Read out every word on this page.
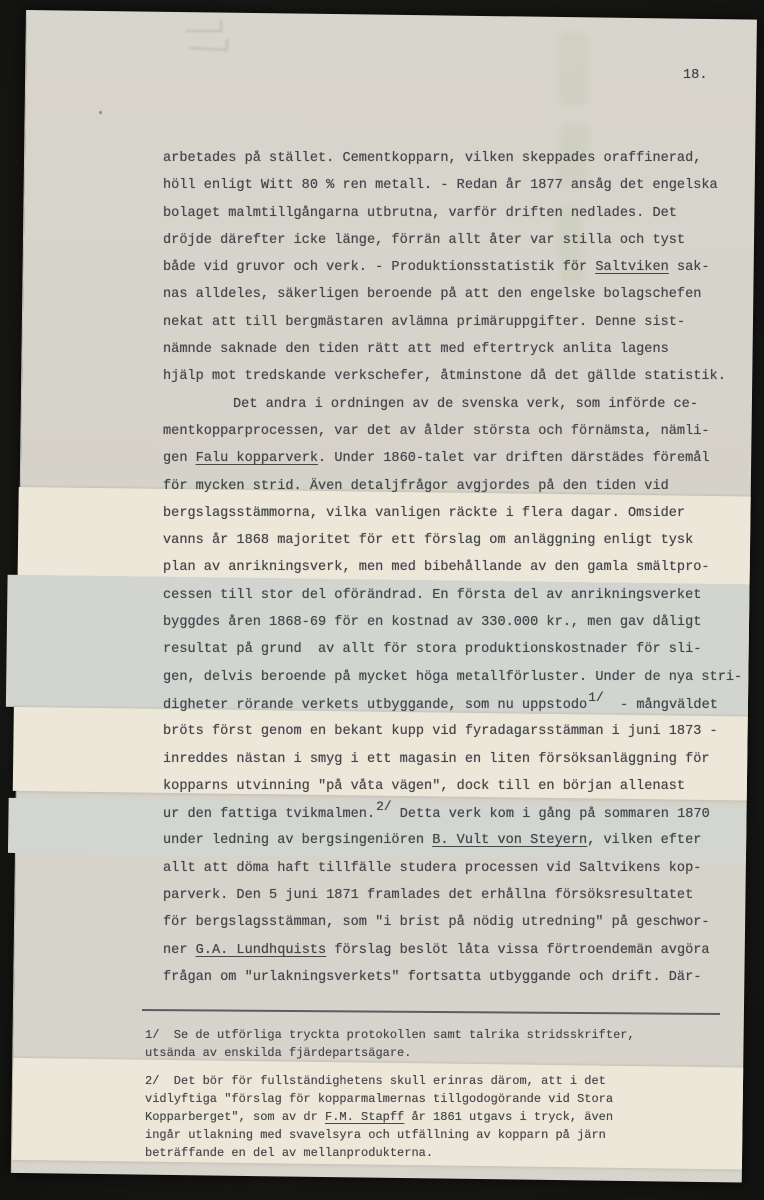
18.
arbetades på stället. Cementkopparn, vilken skeppades oraffinerad,
höll enligt Witt 80 % ren metall. - Redan år 1877 ansåg det engelska
bolaget malmtillgångarna utbrutna, varför driften nedlades. Det
dröjde därefter icke länge, förrän allt åter var stilla och tyst
både vid gruvor och verk. - Produktionsstatistik för Saltviken sak-
nas alldeles, säkerligen beroende på att den engelske bolagschefen
nekat att till bergmästaren avlämna primäruppgifter. Denne sist-
nämnde saknade den tiden rätt att med eftertryck anlita lagens
hjälp mot tredskande verkschefer, åtminstone då det gällde statistik.
Det andra i ordningen av de svenska verk, som införde ce-
mentkopparprocessen, var det av ålder största och förnämsta, nämli-
gen Falu kopparverk. Under 1860-talet var driften därstädes föremål
för mycken strid. Även detaljfrågor avgjordes på den tiden vid
bergslagsstämmorna, vilka vanligen räckte i flera dagar. Omsider
vanns år 1868 majoritet för ett förslag om anläggning enligt tysk
plan av anrikningsverk, men med bibehållande av den gamla smältpro-
cessen till stor del oförändrad. En första del av anrikningsverket
byggdes åren 1868-69 för en kostnad av 330.000 kr., men gav dåligt
resultat på grund  av allt för stora produktionskostnader för sli-
gen, delvis beroende på mycket höga metallförluster. Under de nya stri-
digheter rörande verkets utbyggande, som nu uppstodo1/  - mångväldet
bröts först genom en bekant kupp vid fyradagarsstämman i juni 1873 -
inreddes nästan i smyg i ett magasin en liten försöksanläggning för
kopparns utvinning "på våta vägen", dock till en början allenast
ur den fattiga tvikmalmen.2/ Detta verk kom i gång på sommaren 1870
under ledning av bergsingeniören B. Vult von Steyern, vilken efter
allt att döma haft tillfälle studera processen vid Saltvikens kop-
parverk. Den 5 juni 1871 framlades det erhållna försöksresultatet
för bergslagsstämman, som "i brist på nödig utredning" på geschwor-
ner G.A. Lundhquists förslag beslöt låta vissa förtroendemän avgöra
frågan om "urlakningsverkets" fortsatta utbyggande och drift. Där-
1/  Se de utförliga tryckta protokollen samt talrika stridsskrifter,
utsända av enskilda fjärdepartsägare.
2/  Det bör för fullständighetens skull erinras därom, att i det
vidlyftiga "förslag för kopparmalmernas tillgodogörande vid Stora
Kopparberget", som av dr F.M. Stapff år 1861 utgavs i tryck, även
ingår utlakning med svavelsyra och utfällning av kopparn på järn
beträffande en del av mellanprodukterna.
